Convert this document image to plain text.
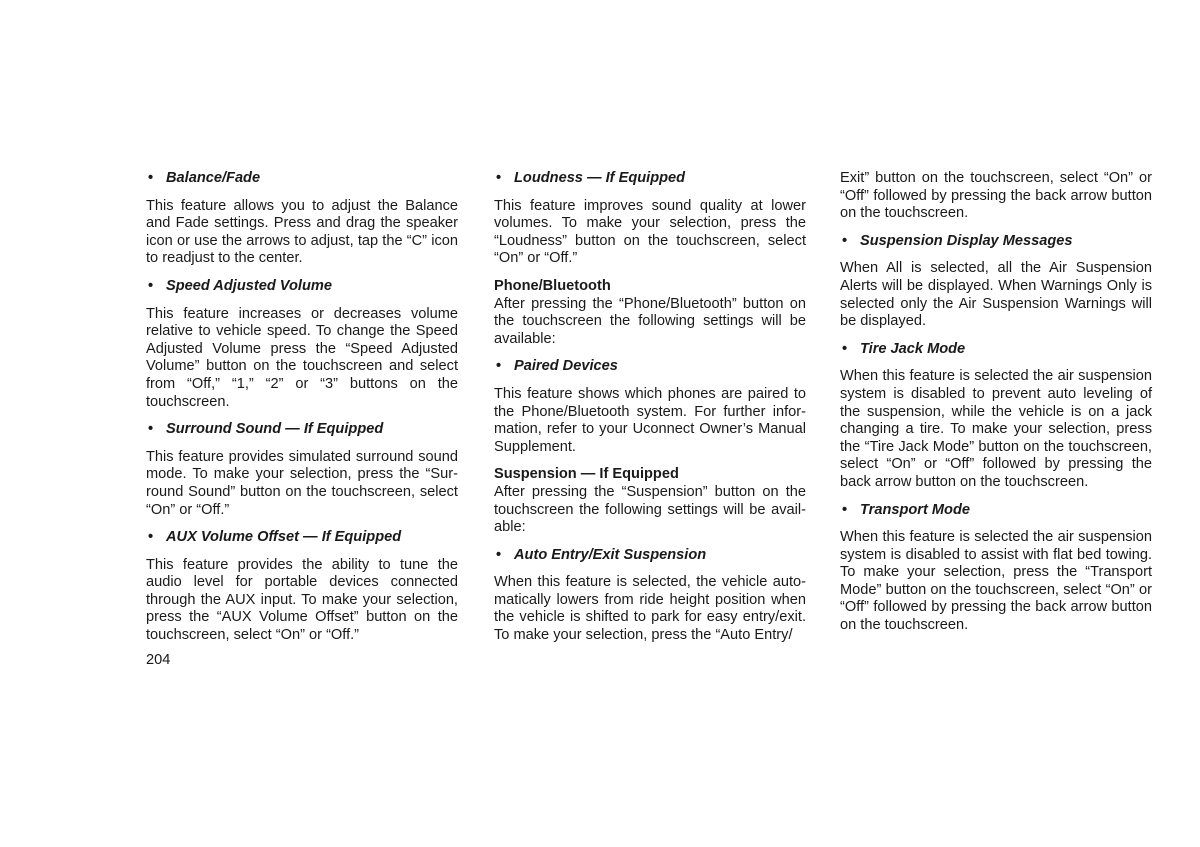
• Balance/Fade

This feature allows you to adjust the Balance and Fade settings. Press and drag the speaker icon or use the arrows to adjust, tap the “C” icon to readjust to the center.

• Speed Adjusted Volume

This feature increases or decreases volume relative to vehicle speed. To change the Speed Adjusted Volume press the “Speed Adjusted Volume” button on the touchscreen and select from “Off,” “1,” “2” or “3” buttons on the touchscreen.

• Surround Sound — If Equipped

This feature provides simulated surround sound mode. To make your selection, press the “Sur-round Sound” button on the touchscreen, select “On” or “Off.”

• AUX Volume Offset — If Equipped

This feature provides the ability to tune the audio level for portable devices connected through the AUX input. To make your selection, press the “AUX Volume Offset” button on the touchscreen, select “On” or “Off.”

• Loudness — If Equipped

This feature improves sound quality at lower volumes. To make your selection, press the “Loudness” button on the touchscreen, select “On” or “Off.”

Phone/Bluetooth

After pressing the “Phone/Bluetooth” button on the touchscreen the following settings will be available:

• Paired Devices

This feature shows which phones are paired to the Phone/Bluetooth system. For further infor-mation, refer to your Uconnect Owner’s Manual Supplement.

Suspension — If Equipped

After pressing the “Suspension” button on the touchscreen the following settings will be avail-able:

• Auto Entry/Exit Suspension

When this feature is selected, the vehicle auto-matically lowers from ride height position when the vehicle is shifted to park for easy entry/exit. To make your selection, press the “Auto Entry/

Exit” button on the touchscreen, select “On” or “Off” followed by pressing the back arrow button on the touchscreen.

• Suspension Display Messages

When All is selected, all the Air Suspension Alerts will be displayed. When Warnings Only is selected only the Air Suspension Warnings will be displayed.

• Tire Jack Mode

When this feature is selected the air suspension system is disabled to prevent auto leveling of the suspension, while the vehicle is on a jack changing a tire. To make your selection, press the “Tire Jack Mode” button on the touchscreen, select “On” or “Off” followed by pressing the back arrow button on the touchscreen.

• Transport Mode

When this feature is selected the air suspension system is disabled to assist with flat bed towing. To make your selection, press the “Transport Mode” button on the touchscreen, select “On” or “Off” followed by pressing the back arrow button on the touchscreen.

204
